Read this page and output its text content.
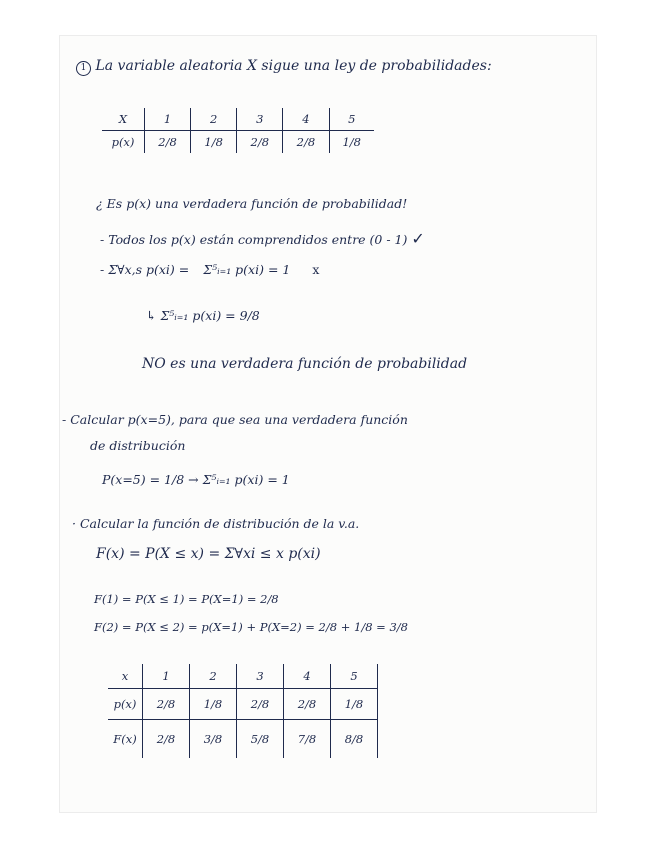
1 La variable aleatoria X sigue una ley de probabilidades:
X	1	2	3	4	5
p(x)	2/8	1/8	2/8	2/8	1/8
¿ Es p(x) una verdadera función de probabilidad!
- Todos los p(x) están comprendidos entre (0 - 1) ✓
- Σ∀x,s p(xi) = Σ⁵ᵢ₌₁ p(xi) = 1 x
↳ Σ⁵ᵢ₌₁ p(xi) = 9/8
NO es una verdadera función de probabilidad
- Calcular p(x=5), para que sea una verdadera función
de distribución
P(x=5) = 1/8 → Σ⁵ᵢ₌₁ p(xi) = 1
· Calcular la función de distribución de la v.a.
F(x) = P(X ≤ x) = Σ∀xi ≤ x p(xi)
F(1) = P(X ≤ 1) = P(X=1) = 2/8
F(2) = P(X ≤ 2) = p(X=1) + P(X=2) = 2/8 + 1/8 = 3/8
x	1	2	3	4	5
p(x)	2/8	1/8	2/8	2/8	1/8
F(x)	2/8	3/8	5/8	7/8	8/8
